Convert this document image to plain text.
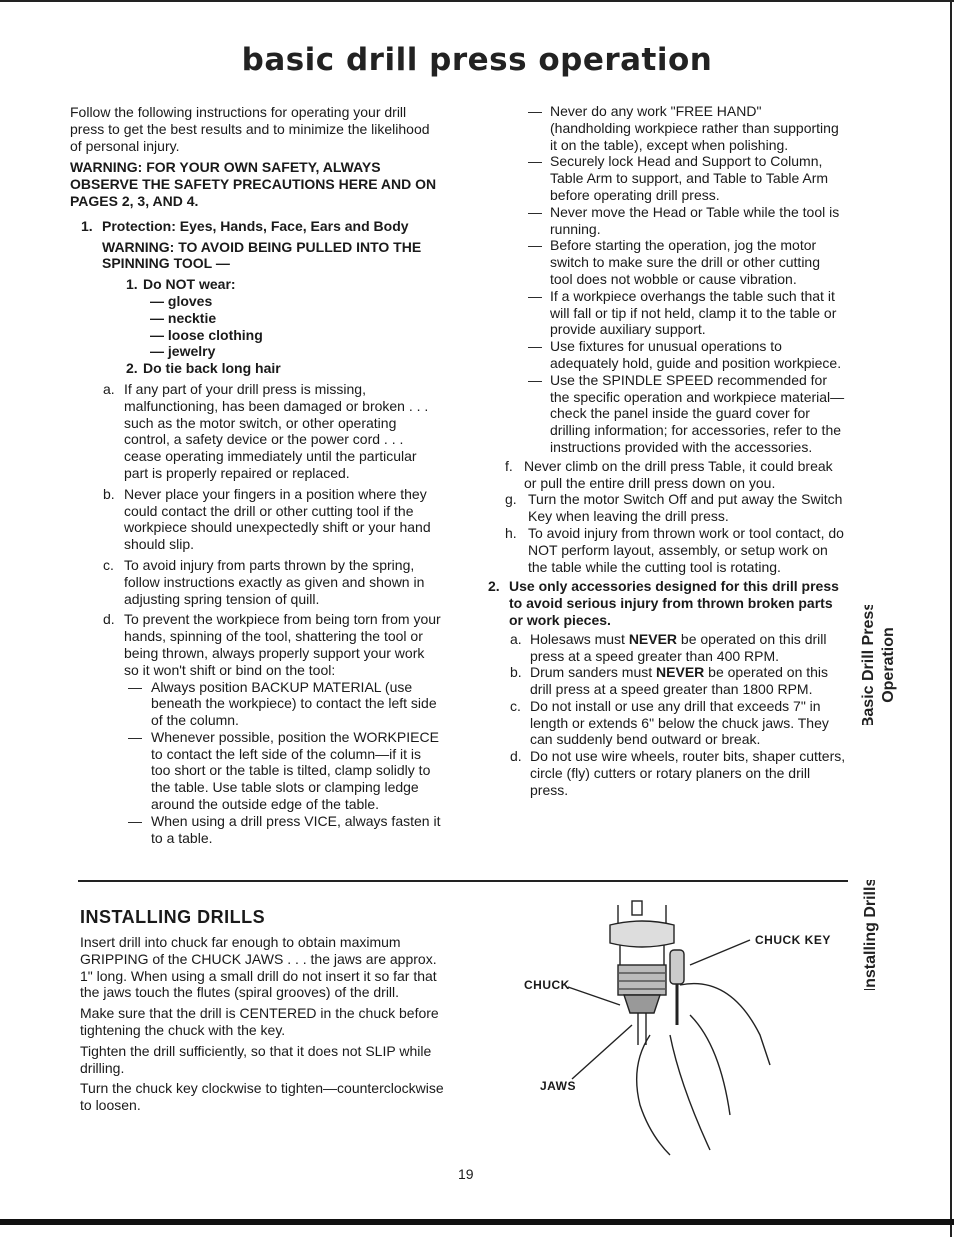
basic drill press operation

Follow the following instructions for operating your drill press to get the best results and to minimize the likelihood of personal injury.

WARNING: FOR YOUR OWN SAFETY, ALWAYS OBSERVE THE SAFETY PRECAUTIONS HERE AND ON PAGES 2, 3, AND 4.

1. Protection: Eyes, Hands, Face, Ears and Body

WARNING: TO AVOID BEING PULLED INTO THE SPINNING TOOL —

1. Do NOT wear:
— gloves
— necktie
— loose clothing
— jewelry
2. Do tie back long hair
a. If any part of your drill press is missing, malfunctioning, has been damaged or broken . . . such as the motor switch, or other operating control, a safety device or the power cord . . . cease operating immediately until the particular part is properly repaired or replaced.
b. Never place your fingers in a position where they could contact the drill or other cutting tool if the workpiece should unexpectedly shift or your hand should slip.
c. To avoid injury from parts thrown by the spring, follow instructions exactly as given and shown in adjusting spring tension of quill.
d. To prevent the workpiece from being torn from your hands, spinning of the tool, shattering the tool or being thrown, always properly support your work so it won't shift or bind on the tool:
— Always position BACKUP MATERIAL (use beneath the workpiece) to contact the left side of the column.
— Whenever possible, position the WORKPIECE to contact the left side of the column—if it is too short or the table is tilted, clamp solidly to the table. Use table slots or clamping ledge around the outside edge of the table.
— When using a drill press VICE, always fasten it to a table.
— Never do any work "FREE HAND" (handholding workpiece rather than supporting it on the table), except when polishing.
— Securely lock Head and Support to Column, Table Arm to support, and Table to Table Arm before operating drill press.
— Never move the Head or Table while the tool is running.
— Before starting the operation, jog the motor switch to make sure the drill or other cutting tool does not wobble or cause vibration.
— If a workpiece overhangs the table such that it will fall or tip if not held, clamp it to the table or provide auxiliary support.
— Use fixtures for unusual operations to adequately hold, guide and position workpiece.
— Use the SPINDLE SPEED recommended for the specific operation and workpiece material—check the panel inside the guard cover for drilling information; for accessories, refer to the instructions provided with the accessories.
f. Never climb on the drill press Table, it could break or pull the entire drill press down on you.
g. Turn the motor Switch Off and put away the Switch Key when leaving the drill press.
h. To avoid injury from thrown work or tool contact, do NOT perform layout, assembly, or setup work on the table while the cutting tool is rotating.
2. Use only accessories designed for this drill press to avoid serious injury from thrown broken parts or work pieces.
a. Holesaws must NEVER be operated on this drill press at a speed greater than 400 RPM.
b. Drum sanders must NEVER be operated on this drill press at a speed greater than 1800 RPM.
c. Do not install or use any drill that exceeds 7" in length or extends 6" below the chuck jaws. They can suddenly bend outward or break.
d. Do not use wire wheels, router bits, shaper cutters, circle (fly) cutters or rotary planers on the drill press.
Basic Drill Press Operation
Installing Drills
INSTALLING DRILLS

Insert drill into chuck far enough to obtain maximum GRIPPING of the CHUCK JAWS . . . the jaws are approx. 1" long. When using a small drill do not insert it so far that the jaws touch the flutes (spiral grooves) of the drill.

Make sure that the drill is CENTERED in the chuck before tightening the chuck with the key.

Tighten the drill sufficiently, so that it does not SLIP while drilling.

Turn the chuck key clockwise to tighten—counterclockwise to loosen.

CHUCK KEY
CHUCK
JAWS
19
